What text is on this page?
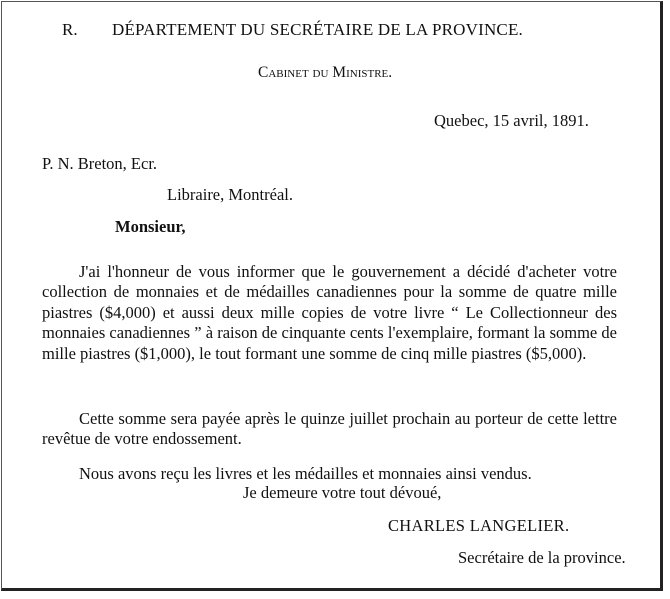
R. DÉPARTEMENT DU SECRÉTAIRE DE LA PROVINCE.
Cabinet du Ministre.
Quebec, 15 avril, 1891.
P. N. Breton, Ecr.
Libraire, Montréal.
Monsieur,

J'ai l'honneur de vous informer que le gouvernement a décidé d'acheter votre collection de monnaies et de médailles canadiennes pour la somme de quatre mille piastres ($4,000) et aussi deux mille copies de votre livre “ Le Collectionneur des monnaies canadiennes ” à raison de cinquante cents l'exemplaire, formant la somme de mille piastres ($1,000), le tout formant une somme de cinq mille piastres ($5,000).

Cette somme sera payée après le quinze juillet prochain au porteur de cette lettre revêtue de votre endossement.

Nous avons reçu les livres et les médailles et monnaies ainsi vendus.

Je demeure votre tout dévoué,
CHARLES LANGELIER.
Secrétaire de la province.
